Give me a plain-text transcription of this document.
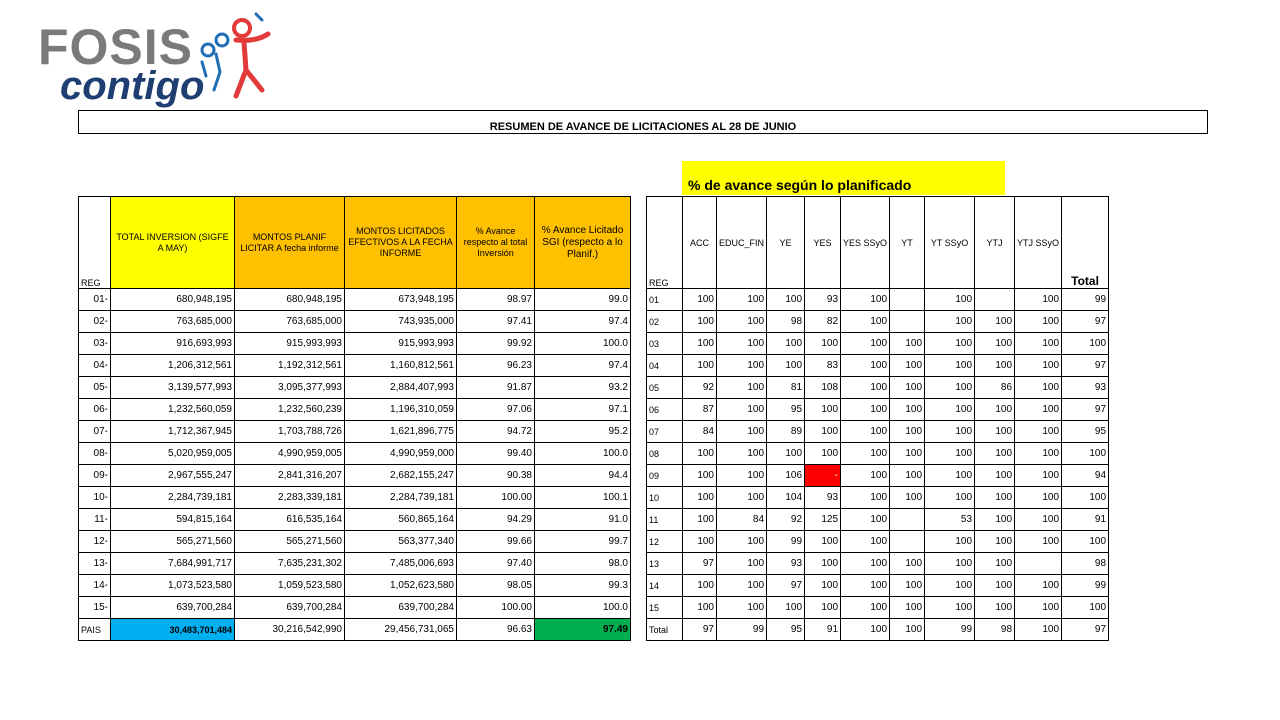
FOSIS
contigo
RESUMEN DE AVANCE DE LICITACIONES AL 28 DE JUNIO
% de avance según lo planificado
REG	TOTAL INVERSION (SIGFE A MAY)	MONTOS PLANIF LICITAR A fecha informe	MONTOS LICITADOS EFECTIVOS A LA FECHA INFORME	% Avance respecto al total Inversión	% Avance Licitado SGI (respecto a lo Planif.)
01-	680,948,195	680,948,195	673,948,195	98.97	99.0
02-	763,685,000	763,685,000	743,935,000	97.41	97.4
03-	916,693,993	915,993,993	915,993,993	99.92	100.0
04-	1,206,312,561	1,192,312,561	1,160,812,561	96.23	97.4
05-	3,139,577,993	3,095,377,993	2,884,407,993	91.87	93.2
06-	1,232,560,059	1,232,560,239	1,196,310,059	97.06	97.1
07-	1,712,367,945	1,703,788,726	1,621,896,775	94.72	95.2
08-	5,020,959,005	4,990,959,005	4,990,959,000	99.40	100.0
09-	2,967,555,247	2,841,316,207	2,682,155,247	90.38	94.4
10-	2,284,739,181	2,283,339,181	2,284,739,181	100.00	100.1
11-	594,815,164	616,535,164	560,865,164	94.29	91.0
12-	565,271,560	565,271,560	563,377,340	99.66	99.7
13-	7,684,991,717	7,635,231,302	7,485,006,693	97.40	98.0
14-	1,073,523,580	1,059,523,580	1,052,623,580	98.05	99.3
15-	639,700,284	639,700,284	639,700,284	100.00	100.0
PAIS	30,483,701,484	30,216,542,990	29,456,731,065	96.63	97.49
REG	ACC	EDUC_FIN	YE	YES	YES SSyO	YT	YT SSyO	YTJ	YTJ SSyO	Total
01	100	100	100	93	100		100		100	99
02	100	100	98	82	100		100	100	100	97
03	100	100	100	100	100	100	100	100	100	100
04	100	100	100	83	100	100	100	100	100	97
05	92	100	81	108	100	100	100	86	100	93
06	87	100	95	100	100	100	100	100	100	97
07	84	100	89	100	100	100	100	100	100	95
08	100	100	100	100	100	100	100	100	100	100
09	100	100	106	-	100	100	100	100	100	94
10	100	100	104	93	100	100	100	100	100	100
11	100	84	92	125	100		53	100	100	91
12	100	100	99	100	100		100	100	100	100
13	97	100	93	100	100	100	100	100		98
14	100	100	97	100	100	100	100	100	100	99
15	100	100	100	100	100	100	100	100	100	100
Total	97	99	95	91	100	100	99	98	100	97
